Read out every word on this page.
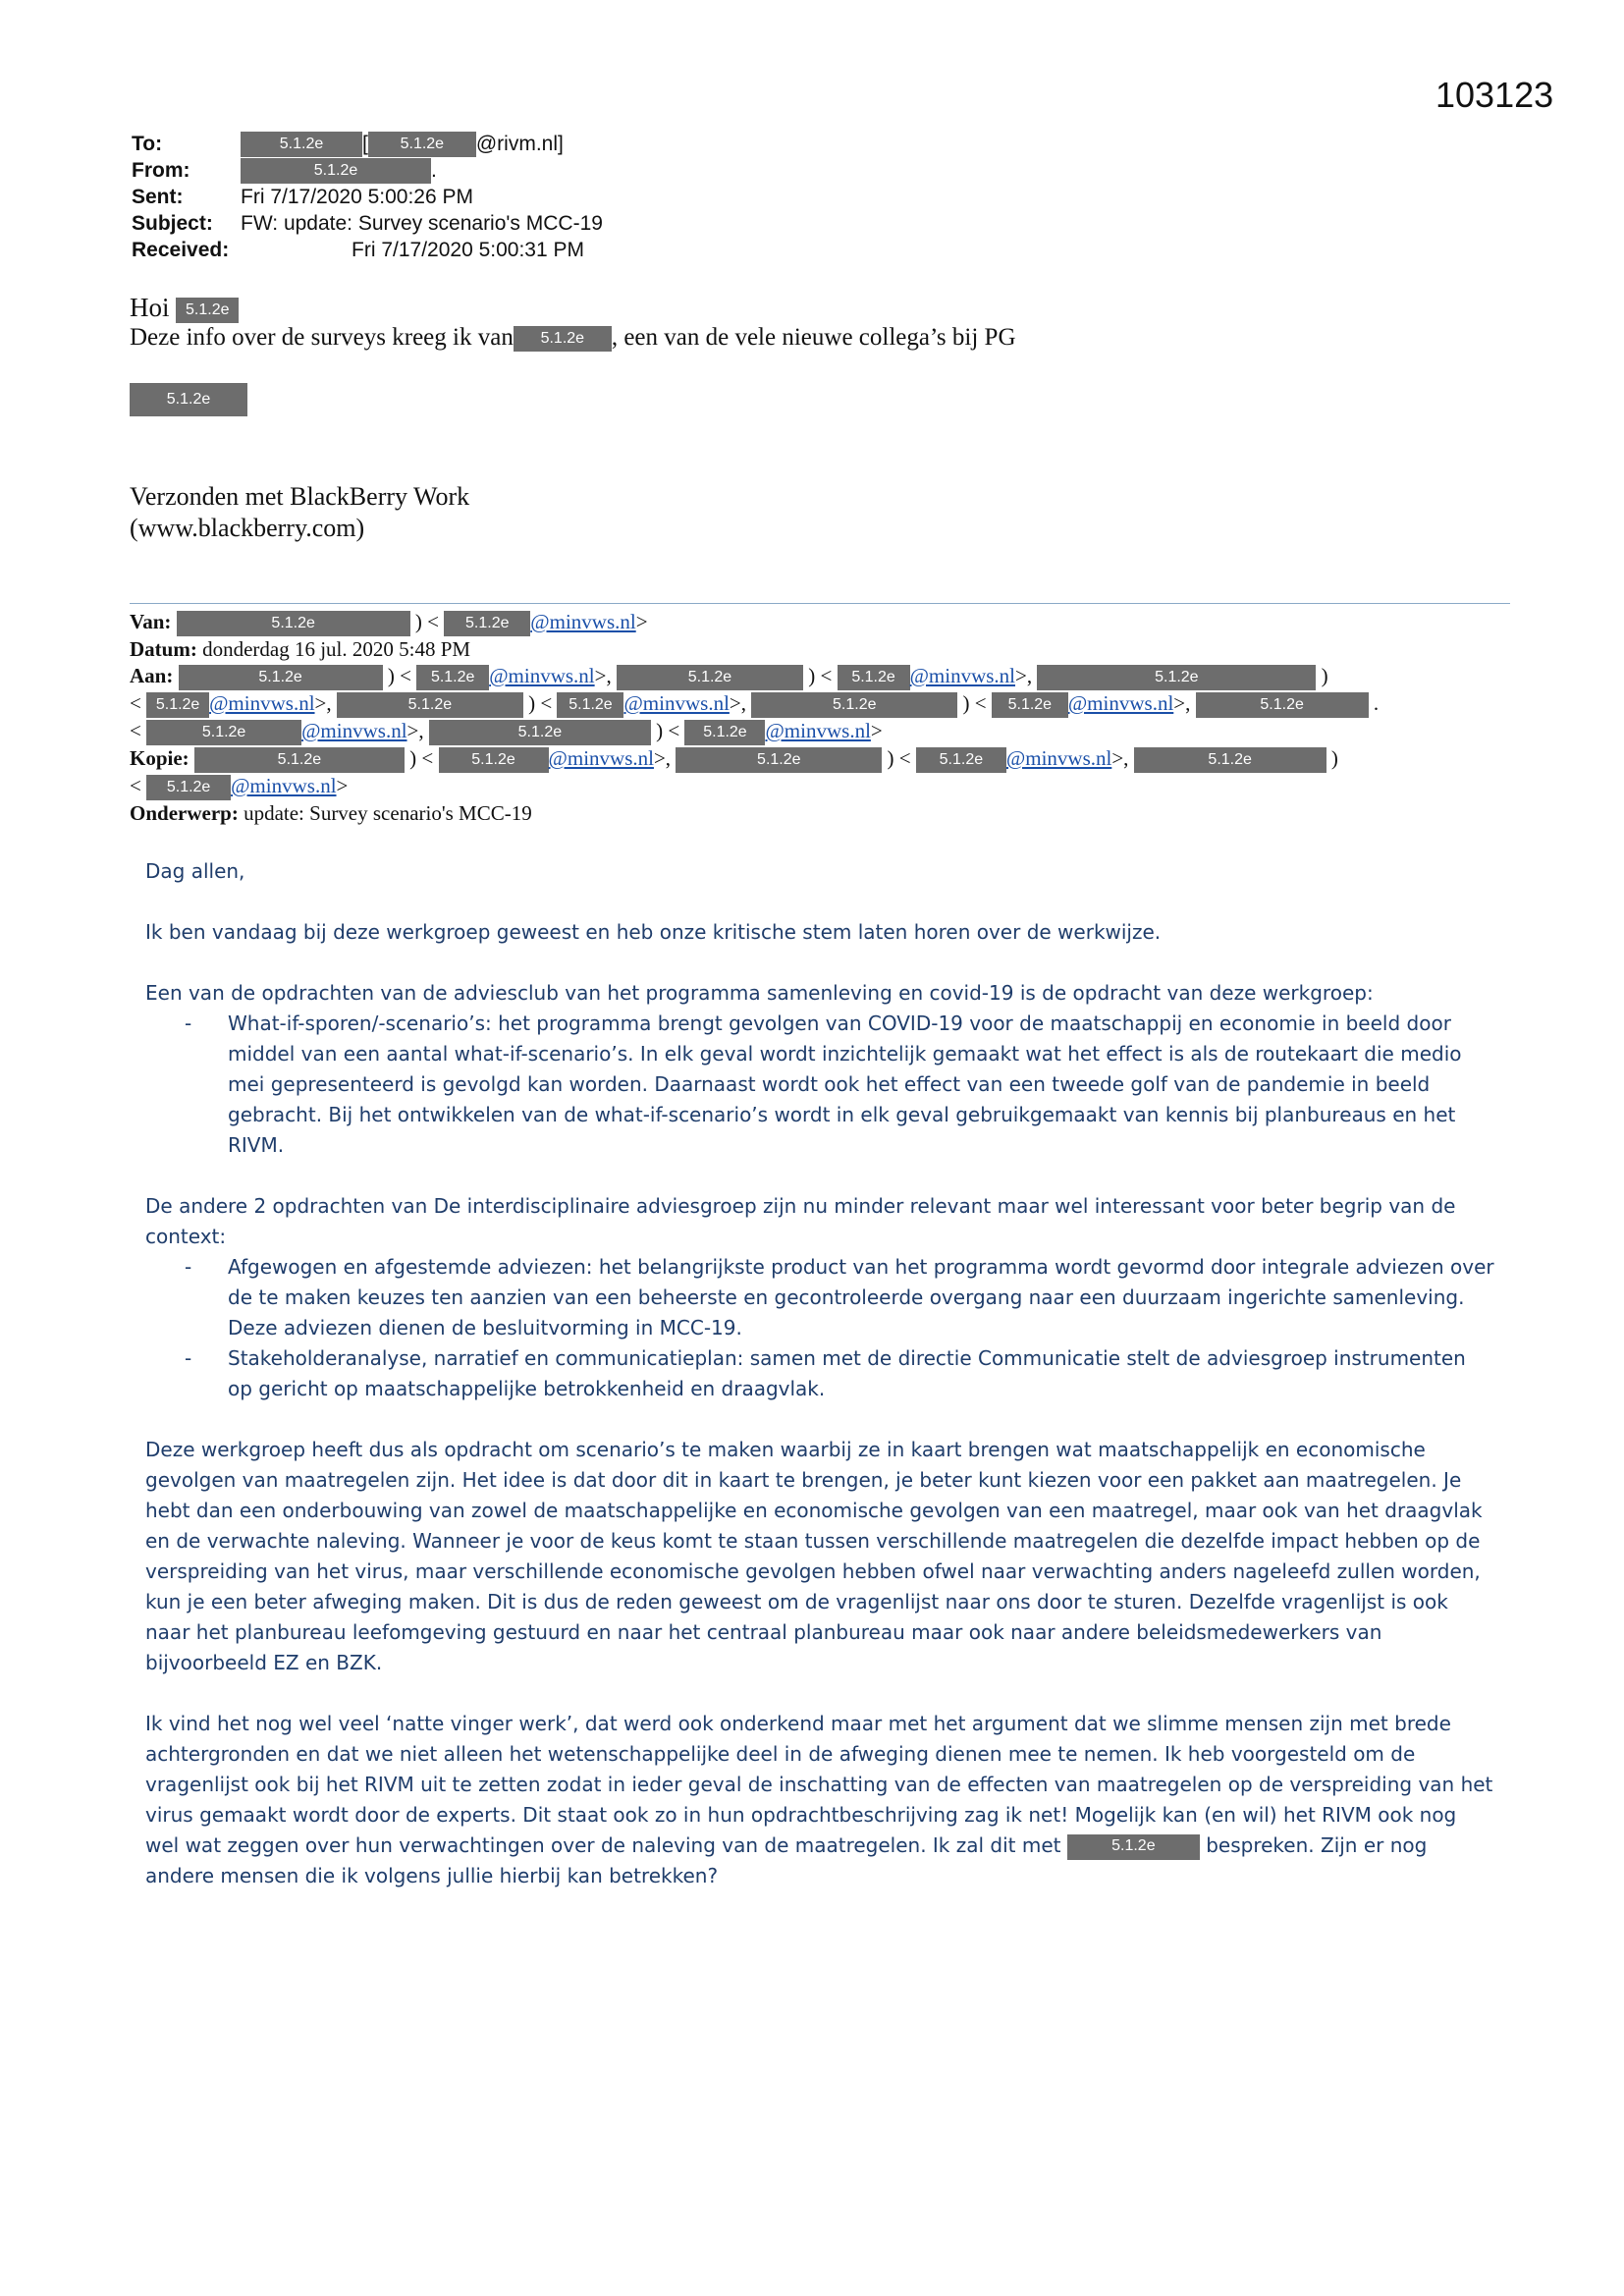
103123
To:	5.1.2e [ 5.1.2e @rivm.nl]
From:	5.1.2e	.
Sent:	Fri 7/17/2020 5:00:26 PM
Subject: FW: update: Survey scenario's MCC-19
Received:	Fri 7/17/2020 5:00:31 PM
Hoi 5.1.2e
Deze info over de surveys kreeg ik van 5.1.2e , een van de vele nieuwe collega’s bij PG
5.1.2e
Verzonden met BlackBerry Work
(www.blackberry.com)
Van:	5.1.2e	) < 5.1.2e @minvws.nl>
Datum: donderdag 16 jul. 2020 5:48 PM
Aan:	5.1.2e	) < 5.1.2e @minvws.nl>,	5.1.2e	) < 5.1.2e @minvws.nl>,	5.1.2e	)
< 5.1.2e @minvws.nl>,	5.1.2e	) < 5.1.2e @minvws.nl>,	5.1.2e	) < 5.1.2e @minvws.nl>,	5.1.2e	.
<	5.1.2e	@minvws.nl>,	5.1.2e	) < 5.1.2e @minvws.nl>
Kopie:	5.1.2e	) < 5.1.2e @minvws.nl>,	5.1.2e	) < 5.1.2e @minvws.nl>,	5.1.2e	)
< 5.1.2e @minvws.nl>
Onderwerp: update: Survey scenario's MCC-19

Dag allen,

Ik ben vandaag bij deze werkgroep geweest en heb onze kritische stem laten horen over de werkwijze.

Een van de opdrachten van de adviesclub van het programma samenleving en covid-19 is de opdracht van deze werkgroep:

- What-if-sporen/-scenario’s: het programma brengt gevolgen van COVID-19 voor de maatschappij en economie in beeld door middel van een aantal what-if-scenario’s. In elk geval wordt inzichtelijk gemaakt wat het effect is als de routekaart die medio mei gepresenteerd is gevolgd kan worden. Daarnaast wordt ook het effect van een tweede golf van de pandemie in beeld gebracht. Bij het ontwikkelen van de what-if-scenario’s wordt in elk geval gebruikgemaakt van kennis bij planbureaus en het RIVM.

De andere 2 opdrachten van De interdisciplinaire adviesgroep zijn nu minder relevant maar wel interessant voor beter begrip van de context:

- Afgewogen en afgestemde adviezen: het belangrijkste product van het programma wordt gevormd door integrale adviezen over de te maken keuzes ten aanzien van een beheerste en gecontroleerde overgang naar een duurzaam ingerichte samenleving. Deze adviezen dienen de besluitvorming in MCC-19.
- Stakeholderanalyse, narratief en communicatieplan: samen met de directie Communicatie stelt de adviesgroep instrumenten op gericht op maatschappelijke betrokkenheid en draagvlak.

Deze werkgroep heeft dus als opdracht om scenario’s te maken waarbij ze in kaart brengen wat maatschappelijk en economische gevolgen van maatregelen zijn. Het idee is dat door dit in kaart te brengen, je beter kunt kiezen voor een pakket aan maatregelen. Je hebt dan een onderbouwing van zowel de maatschappelijke en economische gevolgen van een maatregel, maar ook van het draagvlak en de verwachte naleving. Wanneer je voor de keus komt te staan tussen verschillende maatregelen die dezelfde impact hebben op de verspreiding van het virus, maar verschillende economische gevolgen hebben ofwel naar verwachting anders nageleefd zullen worden, kun je een beter afweging maken. Dit is dus de reden geweest om de vragenlijst naar ons door te sturen. Dezelfde vragenlijst is ook naar het planbureau leefomgeving gestuurd en naar het centraal planbureau maar ook naar andere beleidsmedewerkers van bijvoorbeeld EZ en BZK.

Ik vind het nog wel veel ‘natte vinger werk’, dat werd ook onderkend maar met het argument dat we slimme mensen zijn met brede achtergronden en dat we niet alleen het wetenschappelijke deel in de afweging dienen mee te nemen. Ik heb voorgesteld om de vragenlijst ook bij het RIVM uit te zetten zodat in ieder geval de inschatting van de effecten van maatregelen op de verspreiding van het virus gemaakt wordt door de experts. Dit staat ook zo in hun opdrachtbeschrijving zag ik net! Mogelijk kan (en wil) het RIVM ook nog wel wat zeggen over hun verwachtingen over de naleving van de maatregelen. Ik zal dit met	5.1.2e	bespreken. Zijn er nog andere mensen die ik volgens jullie hierbij kan betrekken?
